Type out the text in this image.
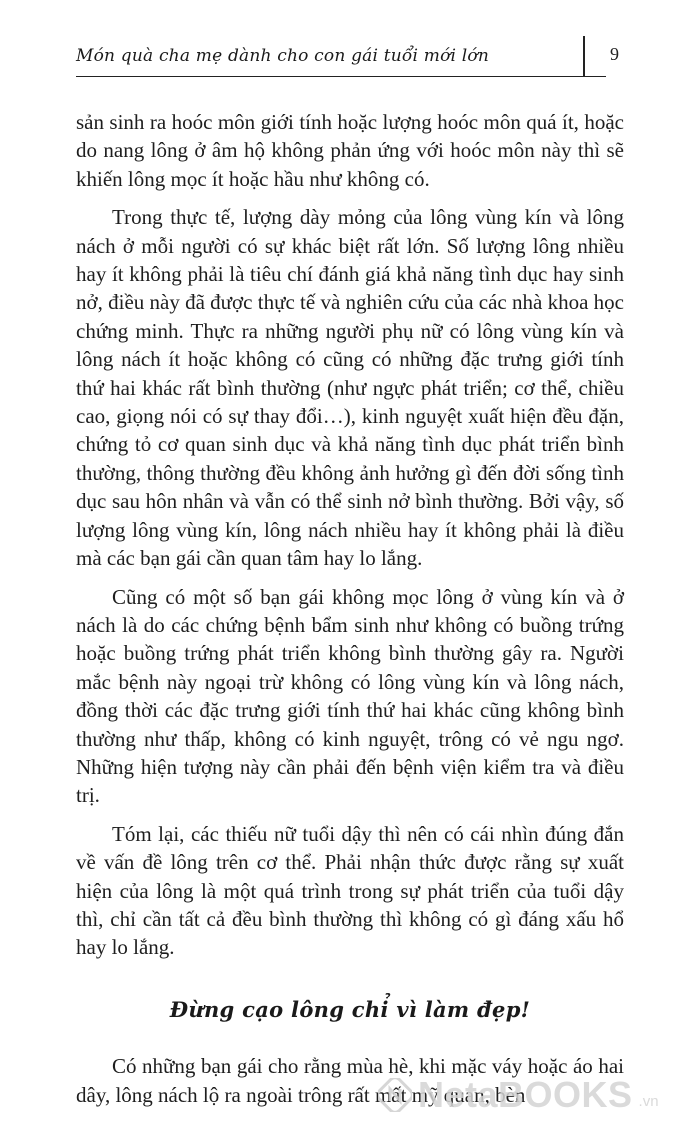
Món quà cha mẹ dành cho con gái tuổi mới lớn	9

sản sinh ra hoóc môn giới tính hoặc lượng hoóc môn quá ít, hoặc do nang lông ở âm hộ không phản ứng với hoóc môn này thì sẽ khiến lông mọc ít hoặc hầu như không có.

Trong thực tế, lượng dày mỏng của lông vùng kín và lông nách ở mỗi người có sự khác biệt rất lớn. Số lượng lông nhiều hay ít không phải là tiêu chí đánh giá khả năng tình dục hay sinh nở, điều này đã được thực tế và nghiên cứu của các nhà khoa học chứng minh. Thực ra những người phụ nữ có lông vùng kín và lông nách ít hoặc không có cũng có những đặc trưng giới tính thứ hai khác rất bình thường (như ngực phát triển; cơ thể, chiều cao, giọng nói có sự thay đổi…), kinh nguyệt xuất hiện đều đặn, chứng tỏ cơ quan sinh dục và khả năng tình dục phát triển bình thường, thông thường đều không ảnh hưởng gì đến đời sống tình dục sau hôn nhân và vẫn có thể sinh nở bình thường. Bởi vậy, số lượng lông vùng kín, lông nách nhiều hay ít không phải là điều mà các bạn gái cần quan tâm hay lo lắng.

Cũng có một số bạn gái không mọc lông ở vùng kín và ở nách là do các chứng bệnh bẩm sinh như không có buồng trứng hoặc buồng trứng phát triển không bình thường gây ra. Người mắc bệnh này ngoại trừ không có lông vùng kín và lông nách, đồng thời các đặc trưng giới tính thứ hai khác cũng không bình thường như thấp, không có kinh nguyệt, trông có vẻ ngu ngơ. Những hiện tượng này cần phải đến bệnh viện kiểm tra và điều trị.

Tóm lại, các thiếu nữ tuổi dậy thì nên có cái nhìn đúng đắn về vấn đề lông trên cơ thể. Phải nhận thức được rằng sự xuất hiện của lông là một quá trình trong sự phát triển của tuổi dậy thì, chỉ cần tất cả đều bình thường thì không có gì đáng xấu hổ hay lo lắng.

Đừng cạo lông chỉ vì làm đẹp!

Có những bạn gái cho rằng mùa hè, khi mặc váy hoặc áo hai dây, lông nách lộ ra ngoài trông rất mất mỹ quan, bèn

NetaBOOKS .vn
